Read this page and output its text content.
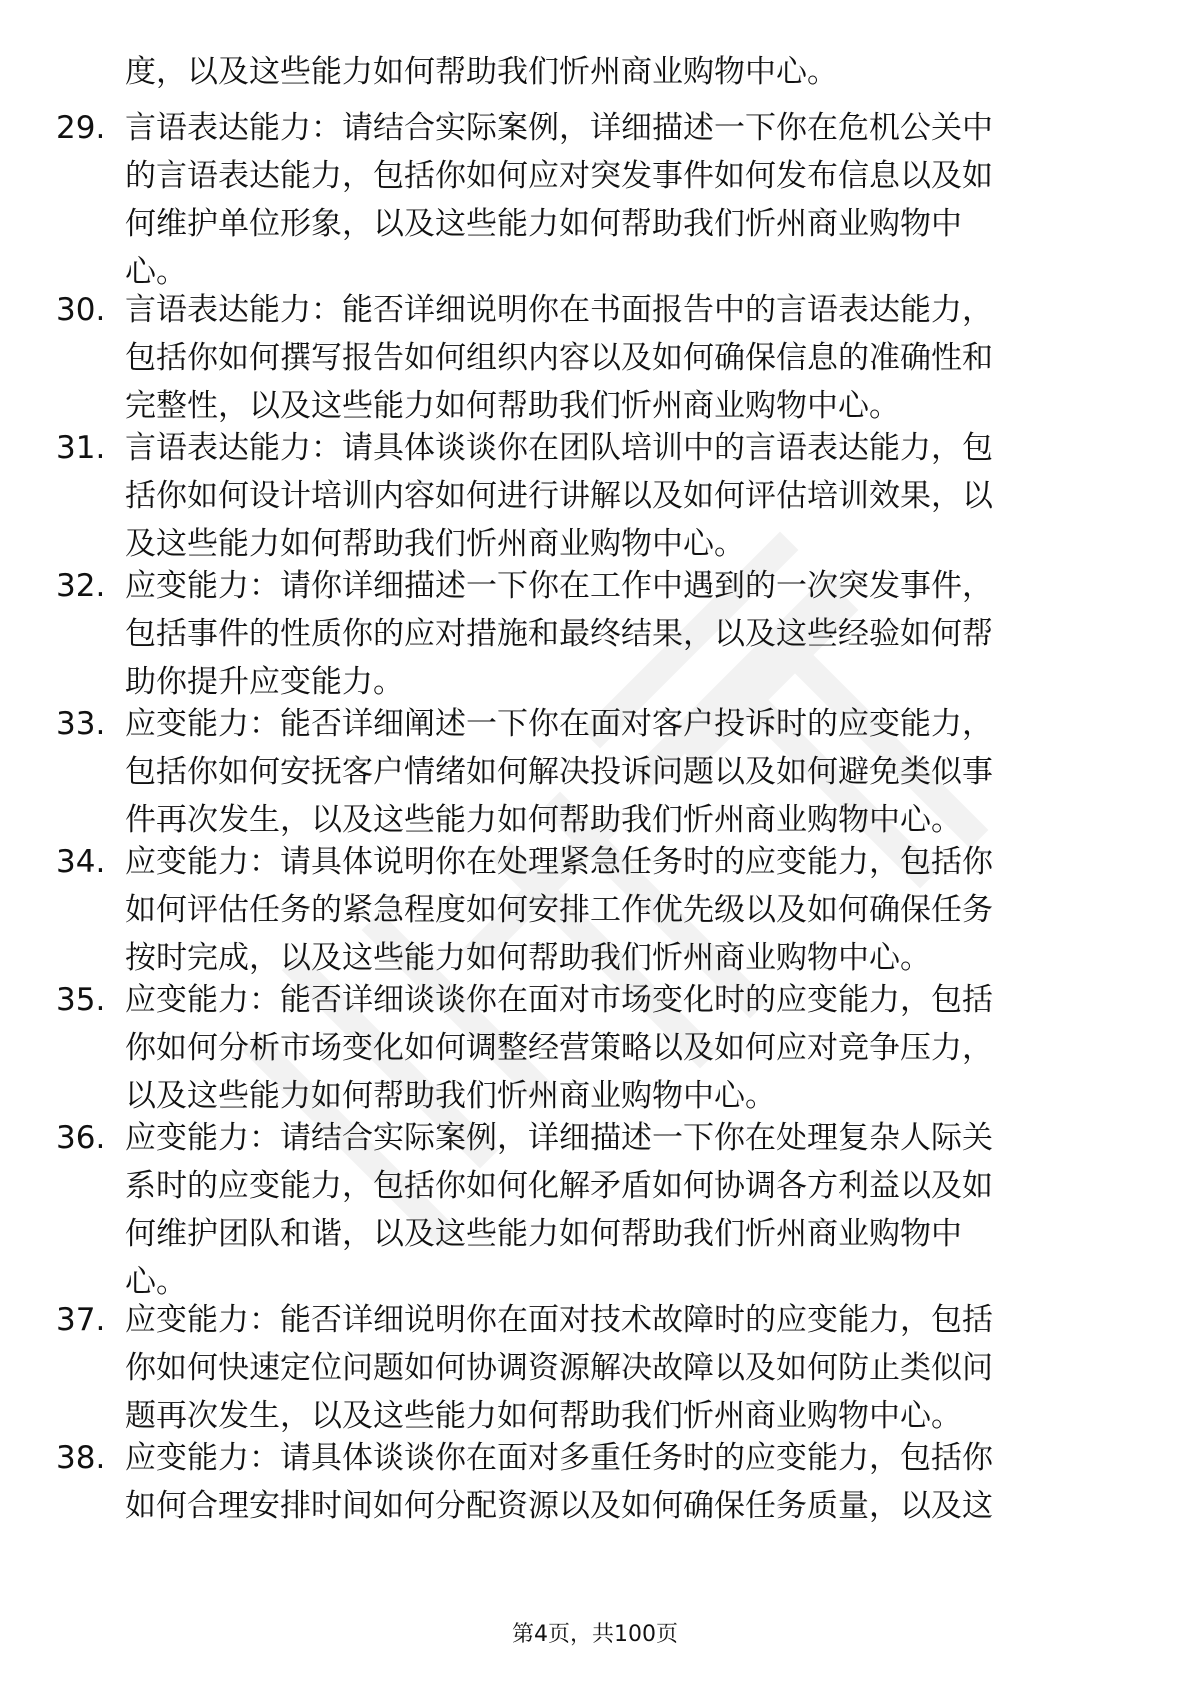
度，以及这些能力如何帮助我们忻州商业购物中心。
29. 言语表达能力：请结合实际案例，详细描述一下你在危机公关中
的言语表达能力，包括你如何应对突发事件如何发布信息以及如
何维护单位形象，以及这些能力如何帮助我们忻州商业购物中
心。
30. 言语表达能力：能否详细说明你在书面报告中的言语表达能力，
包括你如何撰写报告如何组织内容以及如何确保信息的准确性和
完整性，以及这些能力如何帮助我们忻州商业购物中心。
31. 言语表达能力：请具体谈谈你在团队培训中的言语表达能力，包
括你如何设计培训内容如何进行讲解以及如何评估培训效果，以
及这些能力如何帮助我们忻州商业购物中心。
32. 应变能力：请你详细描述一下你在工作中遇到的一次突发事件，
包括事件的性质你的应对措施和最终结果，以及这些经验如何帮
助你提升应变能力。
33. 应变能力：能否详细阐述一下你在面对客户投诉时的应变能力，
包括你如何安抚客户情绪如何解决投诉问题以及如何避免类似事
件再次发生，以及这些能力如何帮助我们忻州商业购物中心。
34. 应变能力：请具体说明你在处理紧急任务时的应变能力，包括你
如何评估任务的紧急程度如何安排工作优先级以及如何确保任务
按时完成，以及这些能力如何帮助我们忻州商业购物中心。
35. 应变能力：能否详细谈谈你在面对市场变化时的应变能力，包括
你如何分析市场变化如何调整经营策略以及如何应对竞争压力，
以及这些能力如何帮助我们忻州商业购物中心。
36. 应变能力：请结合实际案例，详细描述一下你在处理复杂人际关
系时的应变能力，包括你如何化解矛盾如何协调各方利益以及如
何维护团队和谐，以及这些能力如何帮助我们忻州商业购物中
心。
37. 应变能力：能否详细说明你在面对技术故障时的应变能力，包括
你如何快速定位问题如何协调资源解决故障以及如何防止类似问
题再次发生，以及这些能力如何帮助我们忻州商业购物中心。
38. 应变能力：请具体谈谈你在面对多重任务时的应变能力，包括你
如何合理安排时间如何分配资源以及如何确保任务质量，以及这
第4页，共100页
